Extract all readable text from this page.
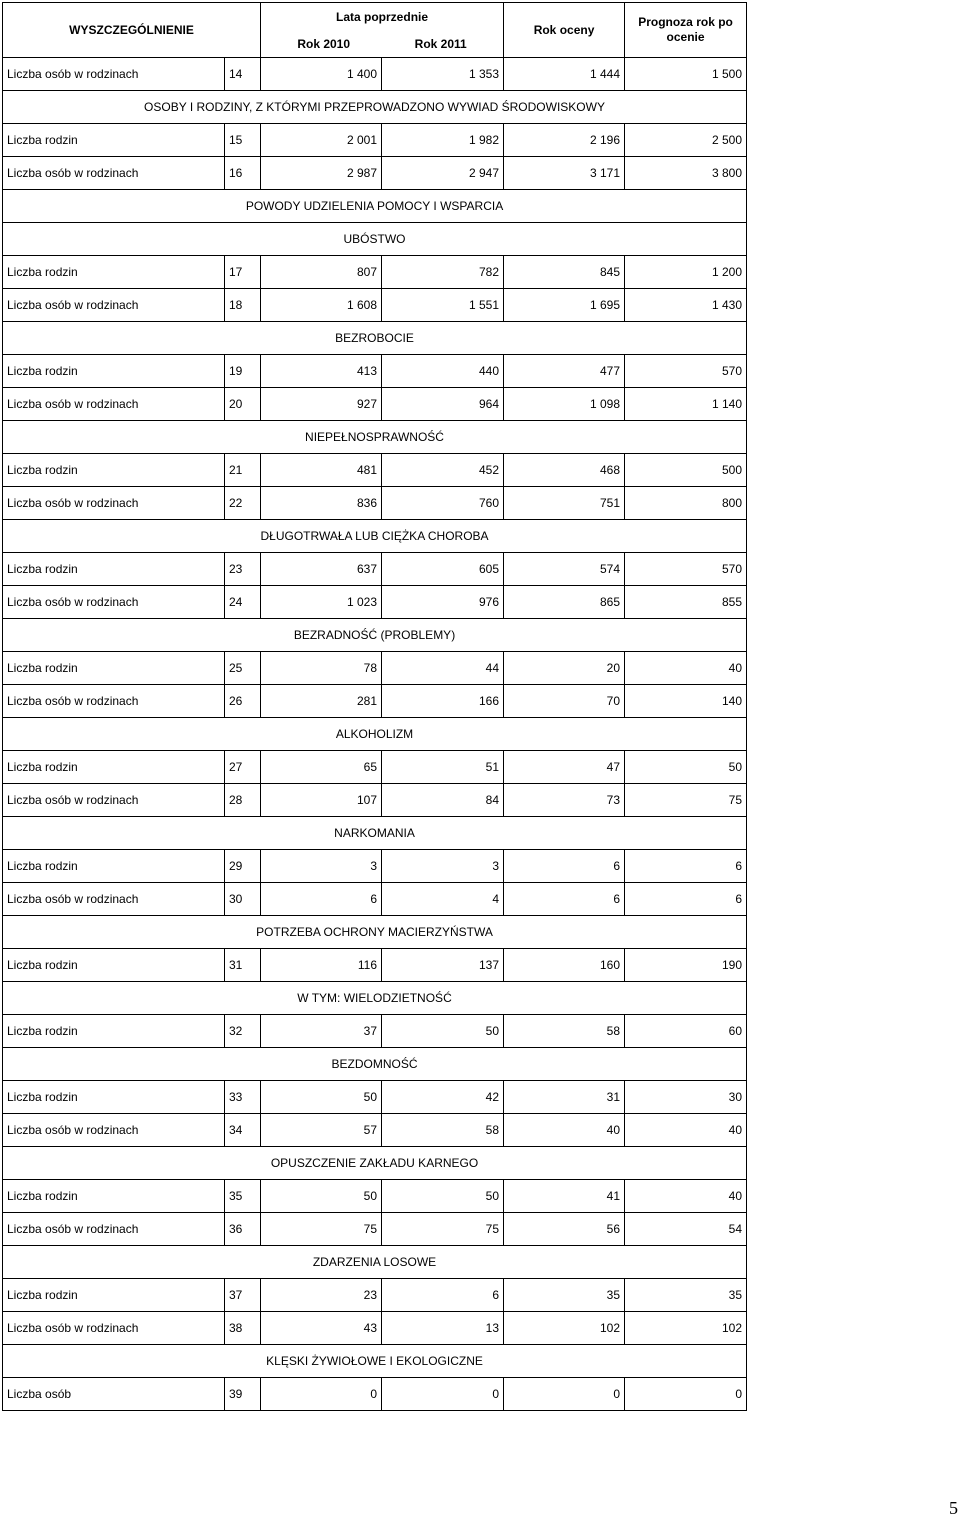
WYSZCZEGÓLNIENIE		Lata poprzednie		Rok oceny	Prognoza rok po ocenie

		Rok 2010 Rok 2011			

Liczba osób w rodzinach	14	1 400	1 353	1 444	1 500
OSOBY I RODZINY, Z KTÓRYMI PRZEPROWADZONO WYWIAD ŚRODOWISKOWY					
Liczba rodzin	15	2 001	1 982	2 196	2 500
Liczba osób w rodzinach	16	2 987	2 947	3 171	3 800
POWODY UDZIELENIA POMOCY I WSPARCIA					
UBÓSTWO					
Liczba rodzin	17	807	782	845	1 200
Liczba osób w rodzinach	18	1 608	1 551	1 695	1 430
BEZROBOCIE					
Liczba rodzin	19	413	440	477	570
Liczba osób w rodzinach	20	927	964	1 098	1 140
NIEPEŁNOSPRAWNOŚĆ					
Liczba rodzin	21	481	452	468	500
Liczba osób w rodzinach	22	836	760	751	800
DŁUGOTRWAŁA LUB CIĘŻKA CHOROBA					
Liczba rodzin	23	637	605	574	570
Liczba osób w rodzinach	24	1 023	976	865	855
BEZRADNOŚĆ (PROBLEMY)					
Liczba rodzin	25	78	44	20	40
Liczba osób w rodzinach	26	281	166	70	140
ALKOHOLIZM					
Liczba rodzin	27	65	51	47	50
Liczba osób w rodzinach	28	107	84	73	75
NARKOMANIA					
Liczba rodzin	29	3	3	6	6
Liczba osób w rodzinach	30	6	4	6	6
POTRZEBA OCHRONY MACIERZYŃSTWA					
Liczba rodzin	31	116	137	160	190
W TYM: WIELODZIETNOŚĆ					
Liczba rodzin	32	37	50	58	60
BEZDOMNOŚĆ					
Liczba rodzin	33	50	42	31	30
Liczba osób w rodzinach	34	57	58	40	40
OPUSZCZENIE ZAKŁADU KARNEGO					
Liczba rodzin	35	50	50	41	40
Liczba osób w rodzinach	36	75	75	56	54
ZDARZENIA LOSOWE					
Liczba rodzin	37	23	6	35	35
Liczba osób w rodzinach	38	43	13	102	102
KLĘSKI ŻYWIOŁOWE I EKOLOGICZNE					
Liczba osób	39	0	0	0	0
5
